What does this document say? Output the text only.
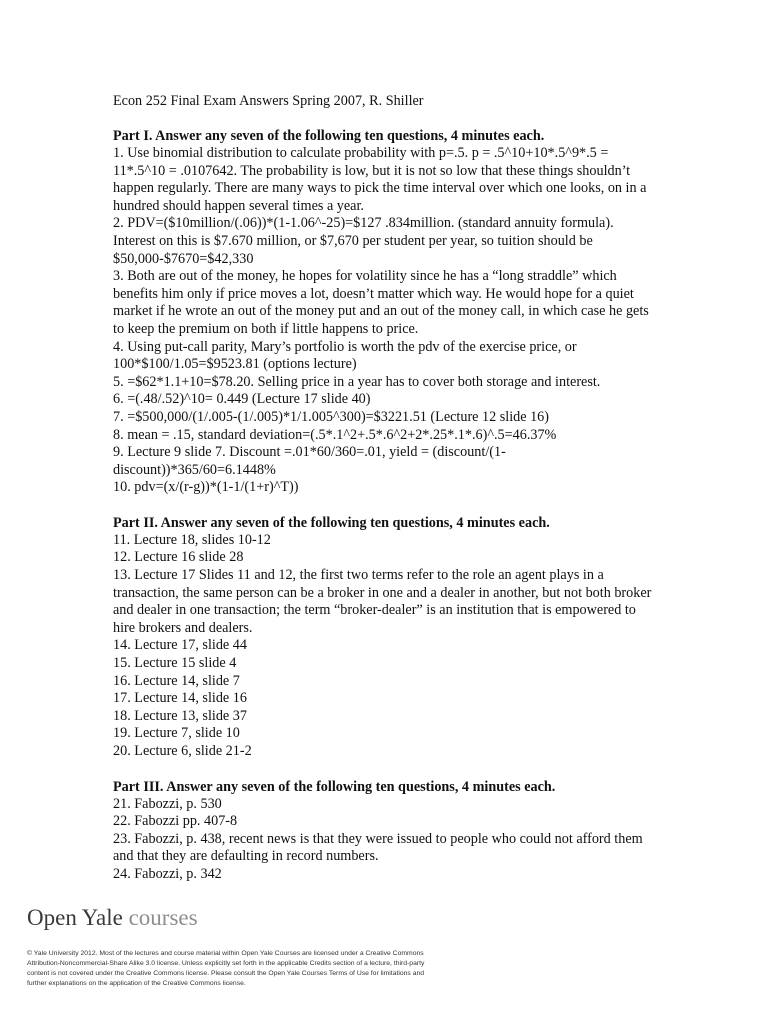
Econ 252 Final Exam Answers Spring 2007, R. Shiller

Part I. Answer any seven of the following ten questions, 4 minutes each.

1. Use binomial distribution to calculate probability with p=.5. p = .5^10+10*.5^9*.5 = 11*.5^10 = .0107642. The probability is low, but it is not so low that these things shouldn’t happen regularly. There are many ways to pick the time interval over which one looks, on in a hundred should happen several times a year.
2. PDV=($10million/(.06))*(1-1.06^-25)=$127 .834million. (standard annuity formula). Interest on this is $7.670 million, or $7,670 per student per year, so tuition should be $50,000-$7670=$42,330
3. Both are out of the money, he hopes for volatility since he has a “long straddle” which benefits him only if price moves a lot, doesn’t matter which way. He would hope for a quiet market if he wrote an out of the money put and an out of the money call, in which case he gets to keep the premium on both if little happens to price.
4. Using put-call parity, Mary’s portfolio is worth the pdv of the exercise price, or 100*$100/1.05=$9523.81 (options lecture)
5. =$62*1.1+10=$78.20. Selling price in a year has to cover both storage and interest.
6. =(.48/.52)^10= 0.449 (Lecture 17 slide 40)
7. =$500,000/(1/.005-(1/.005)*1/1.005^300)=$3221.51 (Lecture 12 slide 16)
8. mean = .15, standard deviation=(.5*.1^2+.5*.6^2+2*.25*.1*.6)^.5=46.37%
9. Lecture 9 slide 7. Discount =.01*60/360=.01, yield = (discount/(1-discount))*365/60=6.1448%
10. pdv=(x/(r-g))*(1-1/(1+r)^T))

Part II. Answer any seven of the following ten questions, 4 minutes each.

11. Lecture 18, slides 10-12
12. Lecture 16 slide 28
13. Lecture 17 Slides 11 and 12, the first two terms refer to the role an agent plays in a transaction, the same person can be a broker in one and a dealer in another, but not both broker and dealer in one transaction; the term “broker-dealer” is an institution that is empowered to hire brokers and dealers.
14. Lecture 17, slide 44
15. Lecture 15 slide 4
16. Lecture 14, slide 7
17. Lecture 14, slide 16
18. Lecture 13, slide 37
19. Lecture 7, slide 10
20. Lecture 6, slide 21-2

Part III. Answer any seven of the following ten questions, 4 minutes each.

21. Fabozzi, p. 530
22. Fabozzi pp. 407-8
23. Fabozzi, p. 438, recent news is that they were issued to people who could not afford them and that they are defaulting in record numbers.
24. Fabozzi, p. 342
Open Yale courses

© Yale University 2012. Most of the lectures and course material within Open Yale Courses are licensed under a Creative Commons Attribution-Noncommercial-Share Alike 3.0 license. Unless explicitly set forth in the applicable Credits section of a lecture, third-party content is not covered under the Creative Commons license. Please consult the Open Yale Courses Terms of Use for limitations and further explanations on the application of the Creative Commons license.
